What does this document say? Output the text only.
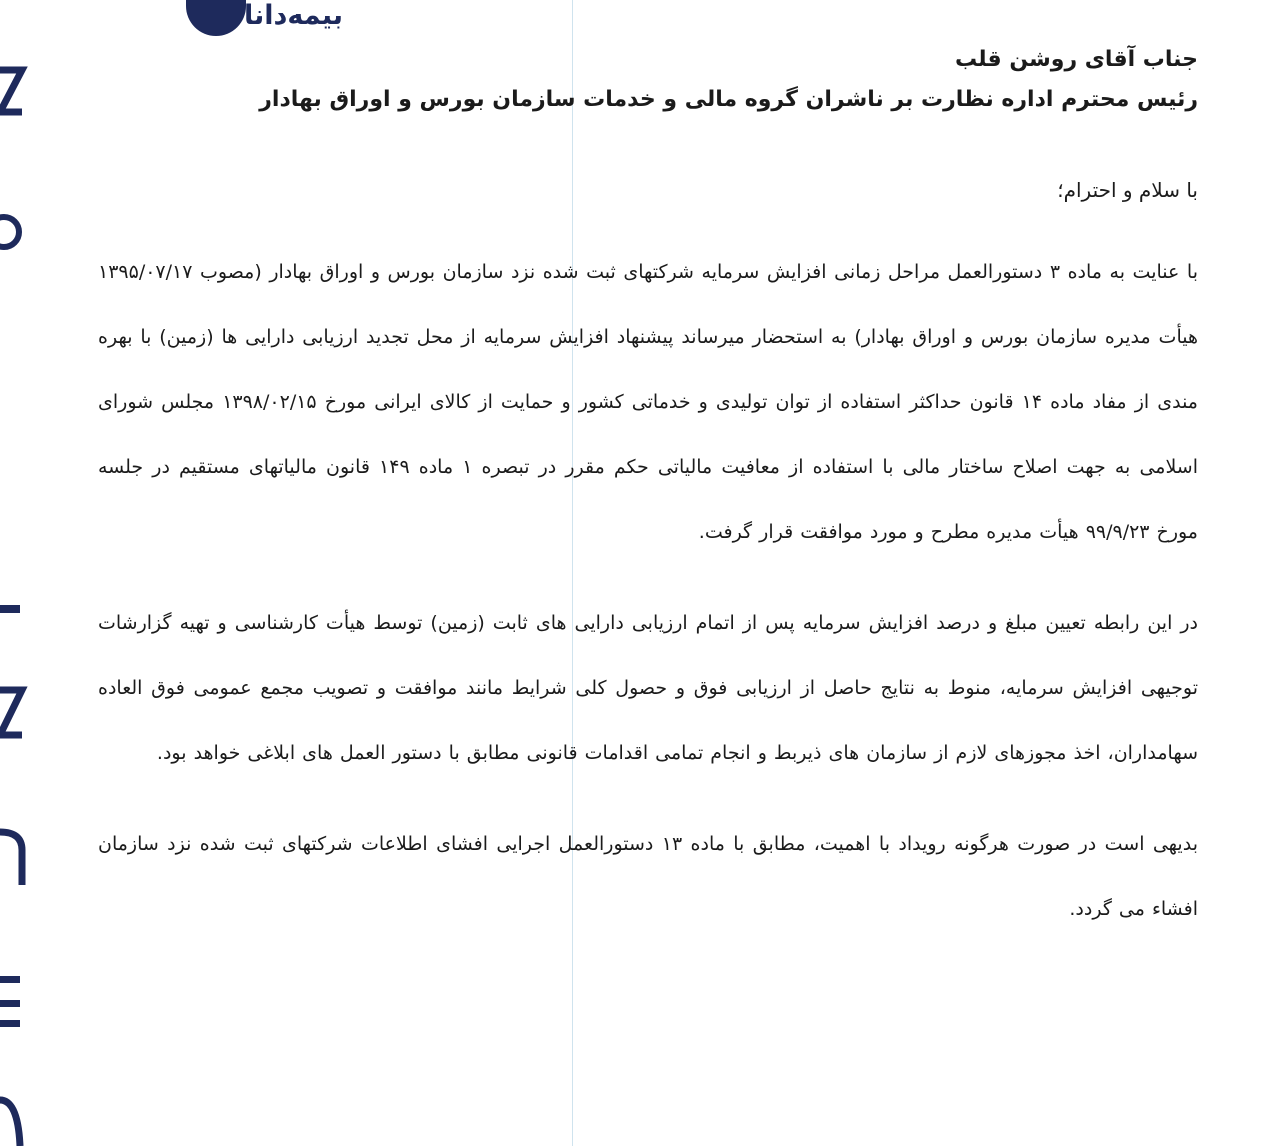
بیمه‌دانا

جناب آقای روشن قلب

رئیس محترم اداره نظارت بر ناشران گروه مالی و خدمات سازمان بورس و اوراق بهادار

با سلام و احترام؛

با عنایت به ماده ۳ دستورالعمل مراحل زمانی افزایش سرمایه شرکتهای ثبت شده نزد سازمان بورس و اوراق بهادار (مصوب ۱۳۹۵/۰۷/۱۷ هیأت مدیره سازمان بورس و اوراق بهادار) به استحضار میرساند پیشنهاد افزایش سرمایه از محل تجدید ارزیابی دارایی ها (زمین) با بهره مندی از مفاد ماده ۱۴ قانون حداکثر استفاده از توان تولیدی و خدماتی کشور و حمایت از کالای ایرانی مورخ ۱۳۹۸/۰۲/۱۵ مجلس شورای اسلامی به جهت اصلاح ساختار مالی با استفاده از معافیت مالیاتی حکم مقرر در تبصره ۱ ماده ۱۴۹ قانون مالیاتهای مستقیم در جلسه مورخ ۹۹/۹/۲۳ هیأت مدیره مطرح و مورد موافقت قرار گرفت.

در این رابطه تعیین مبلغ و درصد افزایش سرمایه پس از اتمام ارزیابی دارایی های ثابت (زمین) توسط هیأت کارشناسی و تهیه گزارشات توجیهی افزایش سرمایه، منوط به نتایج حاصل از ارزیابی فوق و حصول کلی شرایط مانند موافقت و تصویب مجمع عمومی فوق العاده سهامداران، اخذ مجوزهای لازم از سازمان های ذیربط و انجام تمامی اقدامات قانونی مطابق با دستور العمل های ابلاغی خواهد بود.

بدیهی است در صورت هرگونه رویداد با اهمیت، مطابق با ماده ۱۳ دستورالعمل اجرایی افشای اطلاعات شرکتهای ثبت شده نزد سازمان افشاء می گردد.
